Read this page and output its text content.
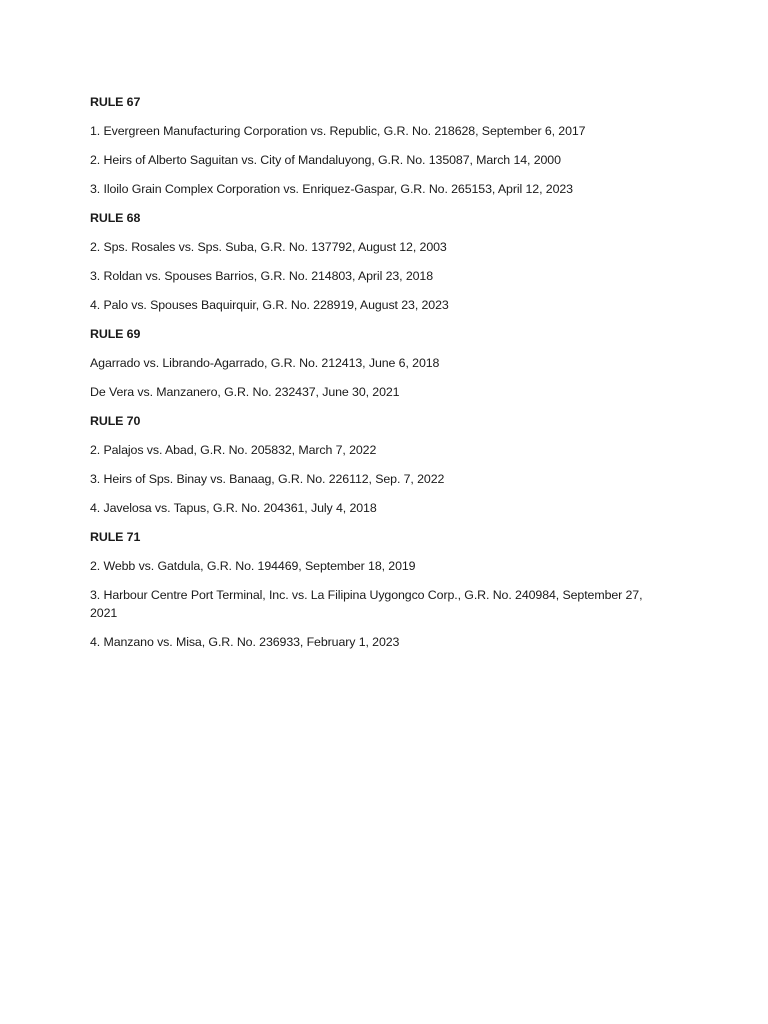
RULE 67
1. Evergreen Manufacturing Corporation vs. Republic, G.R. No. 218628, September 6, 2017
2. Heirs of Alberto Saguitan vs. City of Mandaluyong, G.R. No. 135087, March 14, 2000
3. Iloilo Grain Complex Corporation vs. Enriquez-Gaspar, G.R. No. 265153, April 12, 2023
RULE 68
2. Sps. Rosales vs. Sps. Suba, G.R. No. 137792, August 12, 2003
3. Roldan vs. Spouses Barrios, G.R. No. 214803, April 23, 2018
4. Palo vs. Spouses Baquirquir, G.R. No. 228919, August 23, 2023
RULE 69
Agarrado vs. Librando-Agarrado, G.R. No. 212413, June 6, 2018
De Vera vs. Manzanero, G.R. No. 232437, June 30, 2021
RULE 70
2. Palajos vs. Abad, G.R. No. 205832, March 7, 2022
3. Heirs of Sps. Binay vs. Banaag, G.R. No. 226112, Sep. 7, 2022
4. Javelosa vs. Tapus, G.R. No. 204361, July 4, 2018
RULE 71
2. Webb vs. Gatdula, G.R. No. 194469, September 18, 2019
3. Harbour Centre Port Terminal, Inc. vs. La Filipina Uygongco Corp., G.R. No. 240984, September 27, 2021
4. Manzano vs. Misa, G.R. No. 236933, February 1, 2023
